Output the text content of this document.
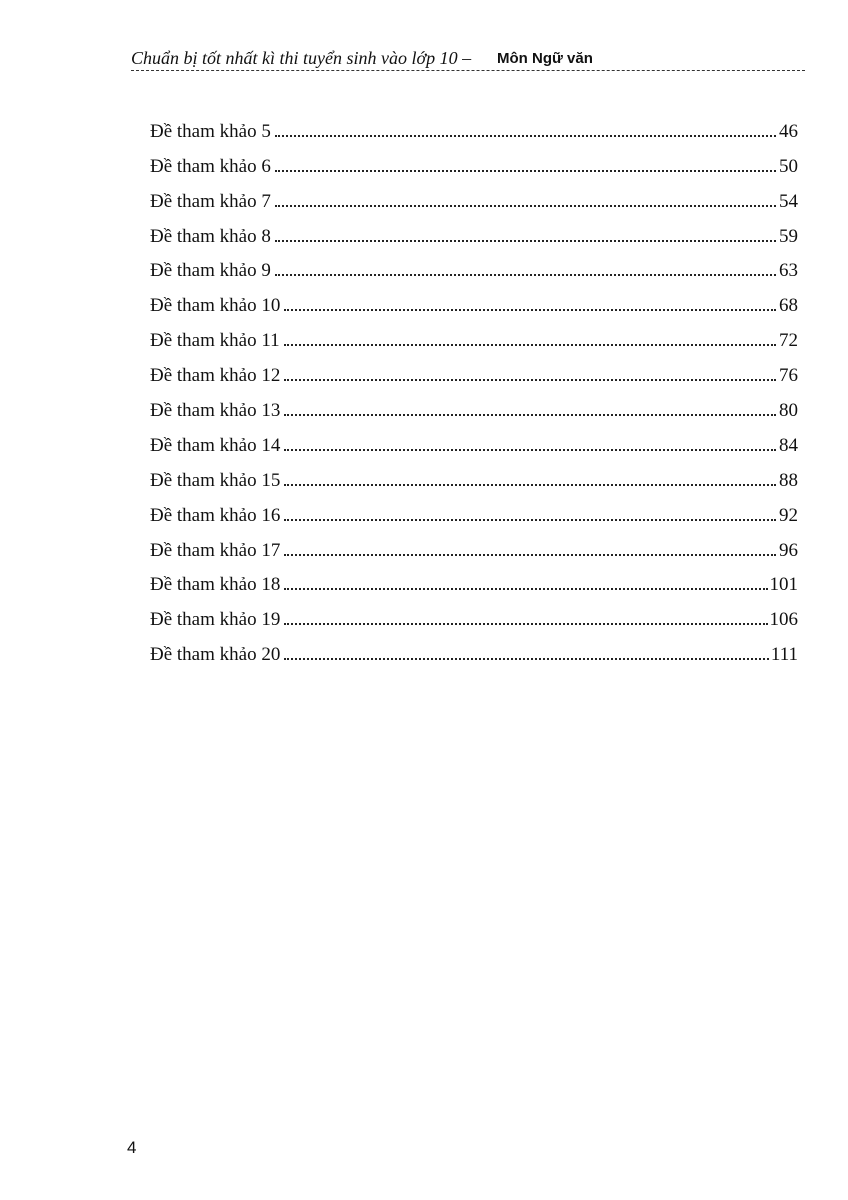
Chuẩn bị tốt nhất kì thi tuyển sinh vào lớp 10 – Môn Ngữ văn
Đề tham khảo 5	46
Đề tham khảo 6	50
Đề tham khảo 7	54
Đề tham khảo 8	59
Đề tham khảo 9	63
Đề tham khảo 10	68
Đề tham khảo 11	72
Đề tham khảo 12	76
Đề tham khảo 13	80
Đề tham khảo 14	84
Đề tham khảo 15	88
Đề tham khảo 16	92
Đề tham khảo 17	96
Đề tham khảo 18	101
Đề tham khảo 19	106
Đề tham khảo 20	111
4
